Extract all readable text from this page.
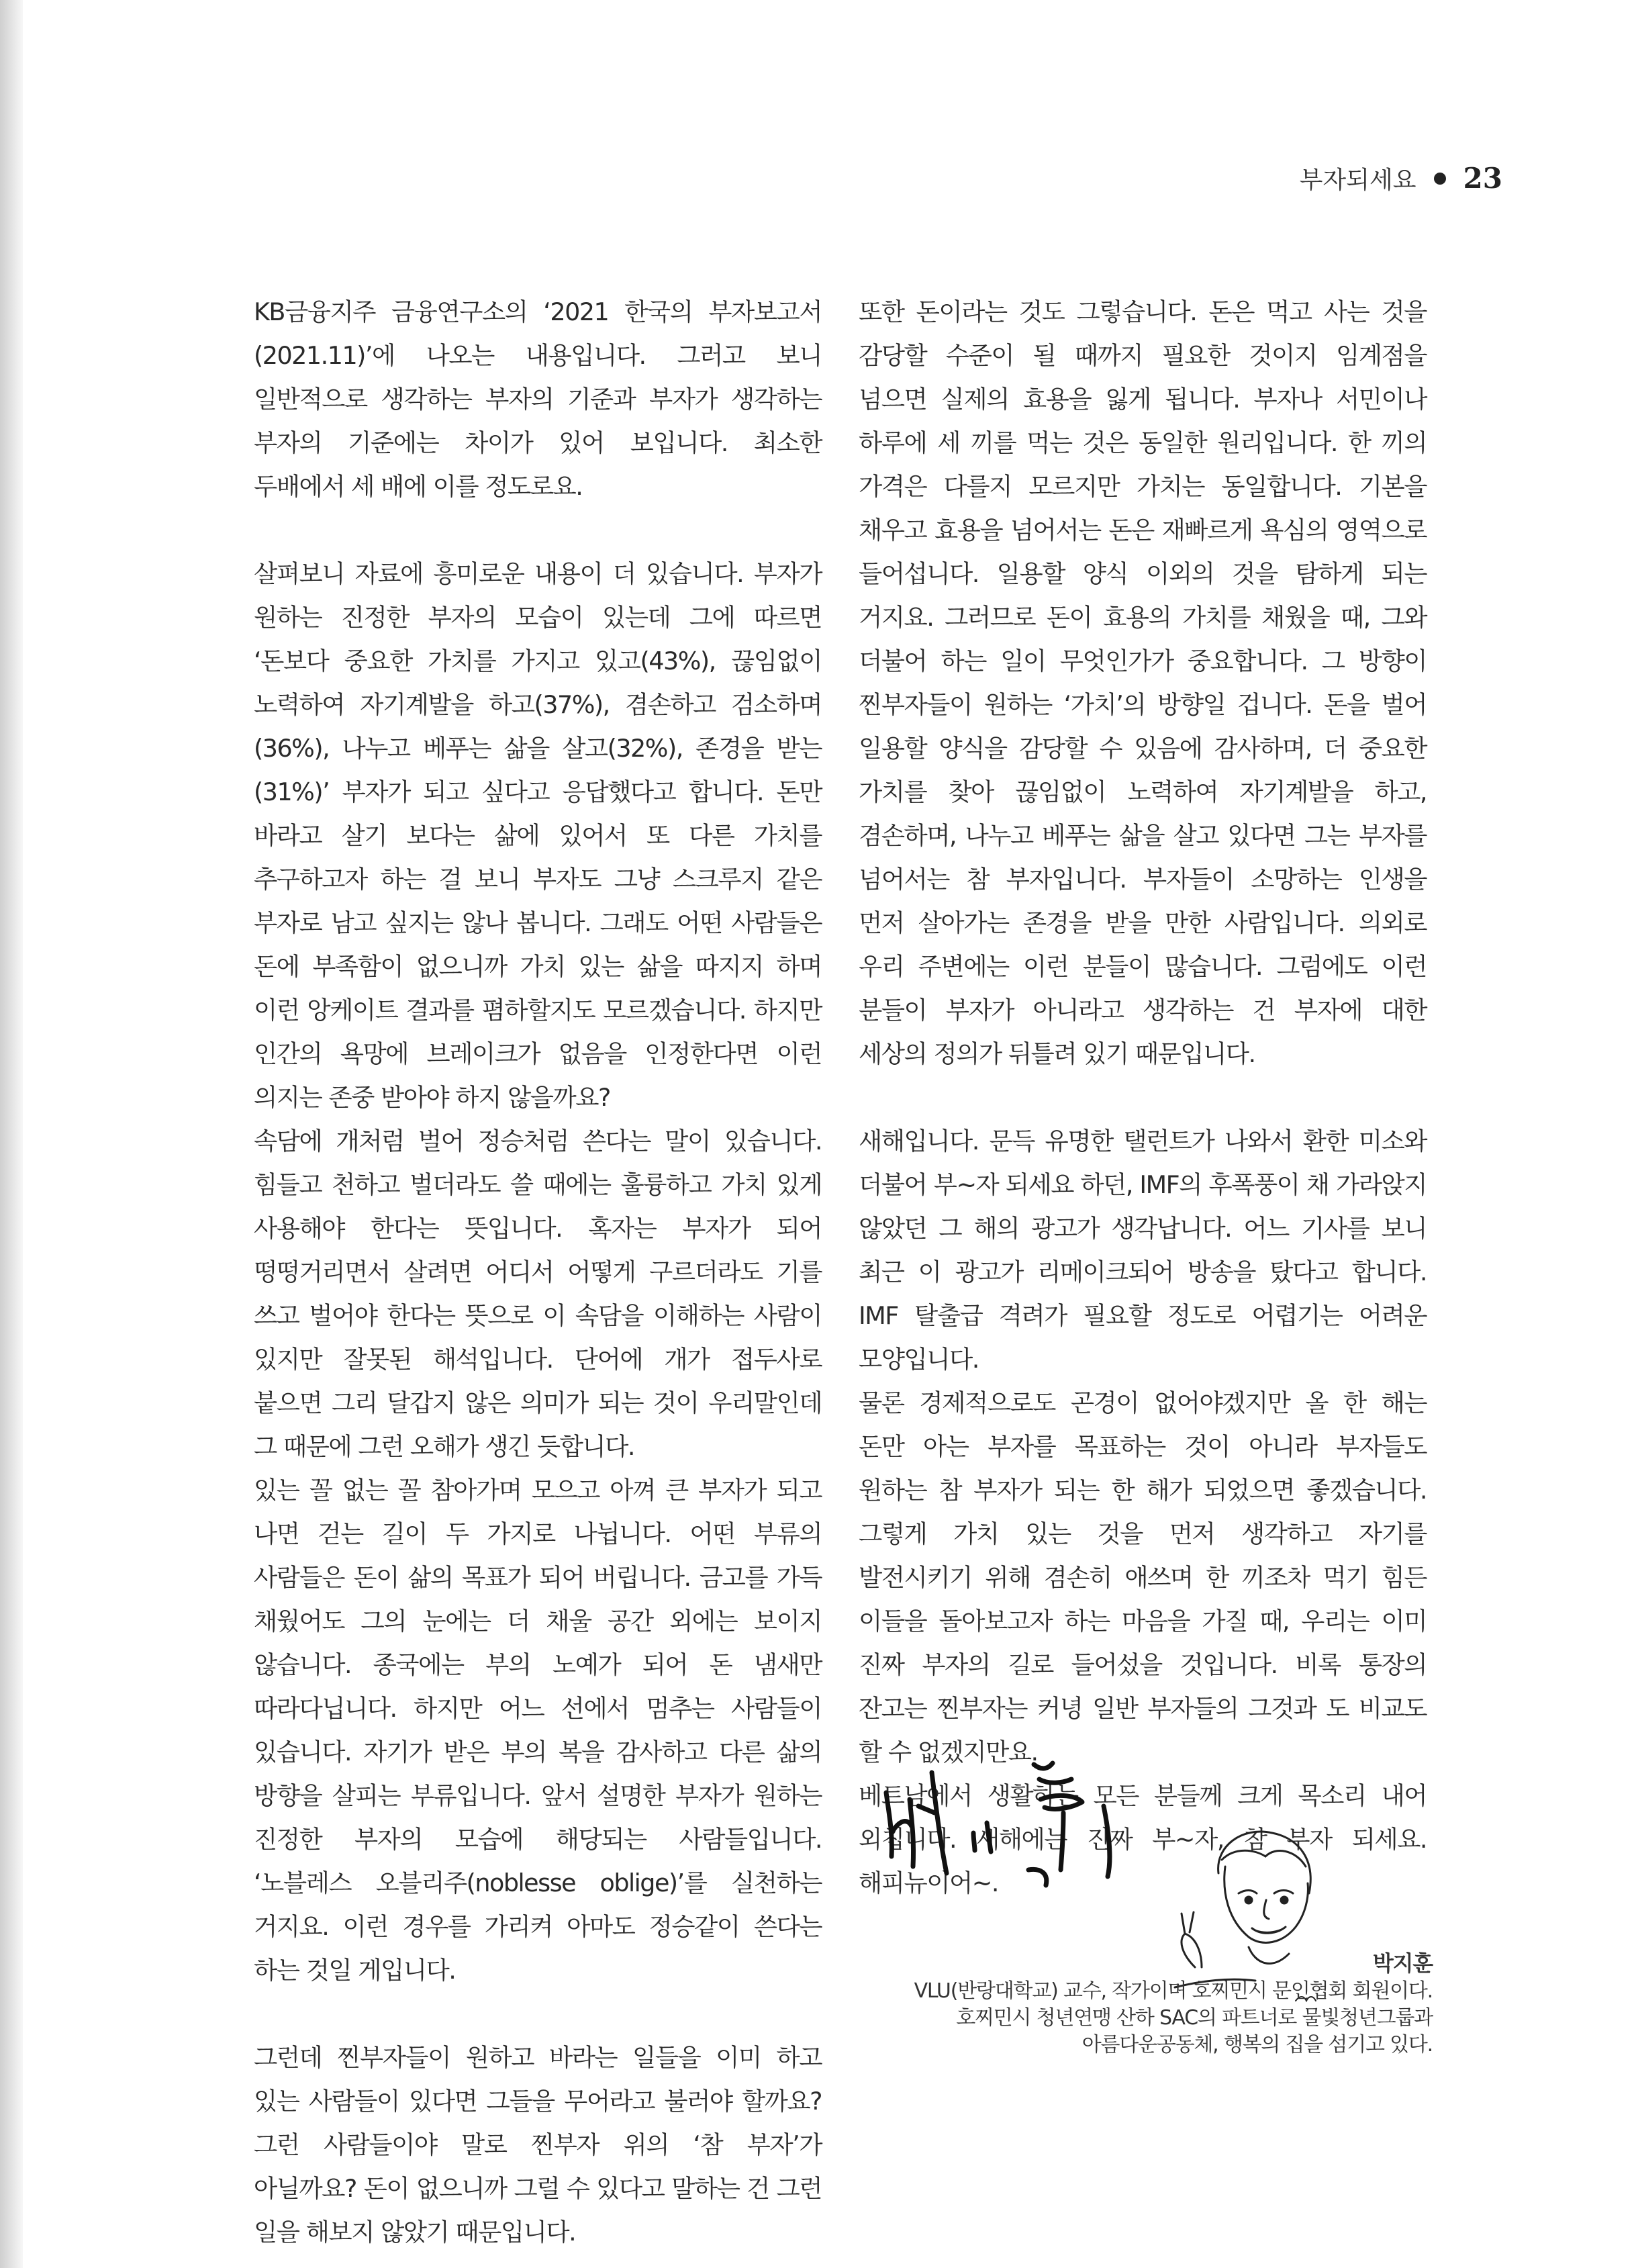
부자되세요 23

KB금융지주 금융연구소의 ‘2021 한국의 부자보고서(2021.11)’에 나오는 내용입니다. 그러고 보니 일반적으로 생각하는 부자의 기준과 부자가 생각하는 부자의 기준에는 차이가 있어 보입니다. 최소한 두배에서 세 배에 이를 정도로요.

살펴보니 자료에 흥미로운 내용이 더 있습니다. 부자가 원하는 진정한 부자의 모습이 있는데 그에 따르면 ‘돈보다 중요한 가치를 가지고 있고(43%), 끊임없이 노력하여 자기계발을 하고(37%), 겸손하고 검소하며(36%), 나누고 베푸는 삶을 살고(32%), 존경을 받는(31%)’ 부자가 되고 싶다고 응답했다고 합니다. 돈만 바라고 살기 보다는 삶에 있어서 또 다른 가치를 추구하고자 하는 걸 보니 부자도 그냥 스크루지 같은 부자로 남고 싶지는 않나 봅니다. 그래도 어떤 사람들은 돈에 부족함이 없으니까 가치 있는 삶을 따지지 하며 이런 앙케이트 결과를 폄하할지도 모르겠습니다. 하지만 인간의 욕망에 브레이크가 없음을 인정한다면 이런 의지는 존중 받아야 하지 않을까요?

속담에 개처럼 벌어 정승처럼 쓴다는 말이 있습니다. 힘들고 천하고 벌더라도 쓸 때에는 훌륭하고 가치 있게 사용해야 한다는 뜻입니다. 혹자는 부자가 되어 떵떵거리면서 살려면 어디서 어떻게 구르더라도 기를 쓰고 벌어야 한다는 뜻으로 이 속담을 이해하는 사람이 있지만 잘못된 해석입니다. 단어에 개가 접두사로 붙으면 그리 달갑지 않은 의미가 되는 것이 우리말인데 그 때문에 그런 오해가 생긴 듯합니다.

있는 꼴 없는 꼴 참아가며 모으고 아껴 큰 부자가 되고 나면 걷는 길이 두 가지로 나뉩니다. 어떤 부류의 사람들은 돈이 삶의 목표가 되어 버립니다. 금고를 가득 채웠어도 그의 눈에는 더 채울 공간 외에는 보이지 않습니다. 종국에는 부의 노예가 되어 돈 냄새만 따라다닙니다. 하지만 어느 선에서 멈추는 사람들이 있습니다. 자기가 받은 부의 복을 감사하고 다른 삶의 방향을 살피는 부류입니다. 앞서 설명한 부자가 원하는 진정한 부자의 모습에 해당되는 사람들입니다. ‘노블레스 오블리주(noblesse oblige)’를 실천하는 거지요. 이런 경우를 가리켜 아마도 정승같이 쓴다는 하는 것일 게입니다.

그런데 찐부자들이 원하고 바라는 일들을 이미 하고 있는 사람들이 있다면 그들을 무어라고 불러야 할까요? 그런 사람들이야 말로 찐부자 위의 ‘참 부자’가 아닐까요? 돈이 없으니까 그럴 수 있다고 말하는 건 그런 일을 해보지 않았기 때문입니다.

또한 돈이라는 것도 그렇습니다. 돈은 먹고 사는 것을 감당할 수준이 될 때까지 필요한 것이지 임계점을 넘으면 실제의 효용을 잃게 됩니다. 부자나 서민이나 하루에 세 끼를 먹는 것은 동일한 원리입니다. 한 끼의 가격은 다를지 모르지만 가치는 동일합니다. 기본을 채우고 효용을 넘어서는 돈은 재빠르게 욕심의 영역으로 들어섭니다. 일용할 양식 이외의 것을 탐하게 되는 거지요. 그러므로 돈이 효용의 가치를 채웠을 때, 그와 더불어 하는 일이 무엇인가가 중요합니다. 그 방향이 찐부자들이 원하는 ‘가치’의 방향일 겁니다. 돈을 벌어 일용할 양식을 감당할 수 있음에 감사하며, 더 중요한 가치를 찾아 끊임없이 노력하여 자기계발을 하고, 겸손하며, 나누고 베푸는 삶을 살고 있다면 그는 부자를 넘어서는 참 부자입니다. 부자들이 소망하는 인생을 먼저 살아가는 존경을 받을 만한 사람입니다. 의외로 우리 주변에는 이런 분들이 많습니다. 그럼에도 이런 분들이 부자가 아니라고 생각하는 건 부자에 대한 세상의 정의가 뒤틀려 있기 때문입니다.

새해입니다. 문득 유명한 탤런트가 나와서 환한 미소와 더불어 부~자 되세요 하던, IMF의 후폭풍이 채 가라앉지 않았던 그 해의 광고가 생각납니다. 어느 기사를 보니 최근 이 광고가 리메이크되어 방송을 탔다고 합니다. IMF 탈출급 격려가 필요할 정도로 어렵기는 어려운 모양입니다.

물론 경제적으로도 곤경이 없어야겠지만 올 한 해는 돈만 아는 부자를 목표하는 것이 아니라 부자들도 원하는 참 부자가 되는 한 해가 되었으면 좋겠습니다. 그렇게 가치 있는 것을 먼저 생각하고 자기를 발전시키기 위해 겸손히 애쓰며 한 끼조차 먹기 힘든 이들을 돌아보고자 하는 마음을 가질 때, 우리는 이미 진짜 부자의 길로 들어섰을 것입니다. 비록 통장의 잔고는 찐부자는 커녕 일반 부자들의 그것과 도 비교도 할 수 없겠지만요.

베트남에서 생활하는 모든 분들께 크게 목소리 내어 외칩니다. 새해에는 진짜 부~자, 참 부자 되세요. 해피뉴이어~.

박지훈

VLU(반랑대학교) 교수, 작가이며 호찌민시 문인협회 회원이다.

호찌민시 청년연맹 산하 SAC의 파트너로 물빛청년그룹과

아름다운공동체, 행복의 집을 섬기고 있다.
